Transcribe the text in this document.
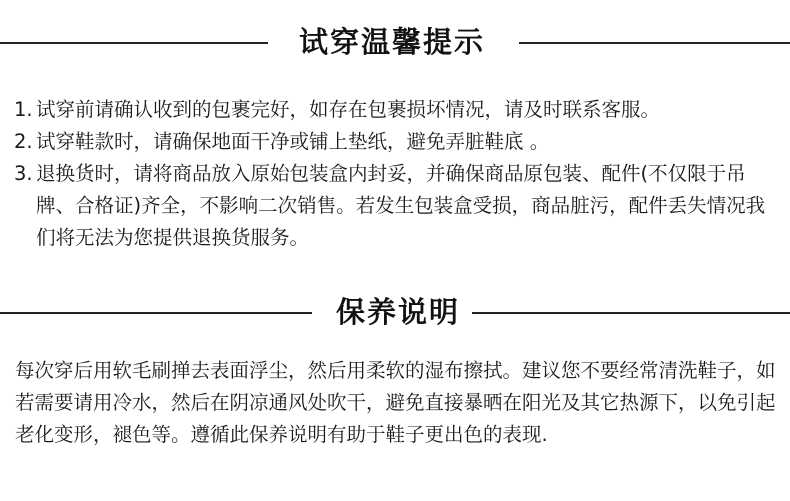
试穿温馨提示
1. 试穿前请确认收到的包裹完好，如存在包裹损坏情况，请及时联系客服。
2. 试穿鞋款时，请确保地面干净或铺上垫纸，避免弄脏鞋底 。
3. 退换货时，请将商品放入原始包装盒内封妥，并确保商品原包装、配件(不仅限于吊牌、合格证)齐全，不影响二次销售。若发生包装盒受损，商品脏污，配件丢失情况我们将无法为您提供退换货服务。
保养说明

每次穿后用软毛刷掸去表面浮尘，然后用柔软的湿布擦拭。建议您不要经常清洗鞋子，如若需要请用冷水，然后在阴凉通风处吹干，避免直接暴晒在阳光及其它热源下，以免引起老化变形，褪色等。遵循此保养说明有助于鞋子更出色的表现.
